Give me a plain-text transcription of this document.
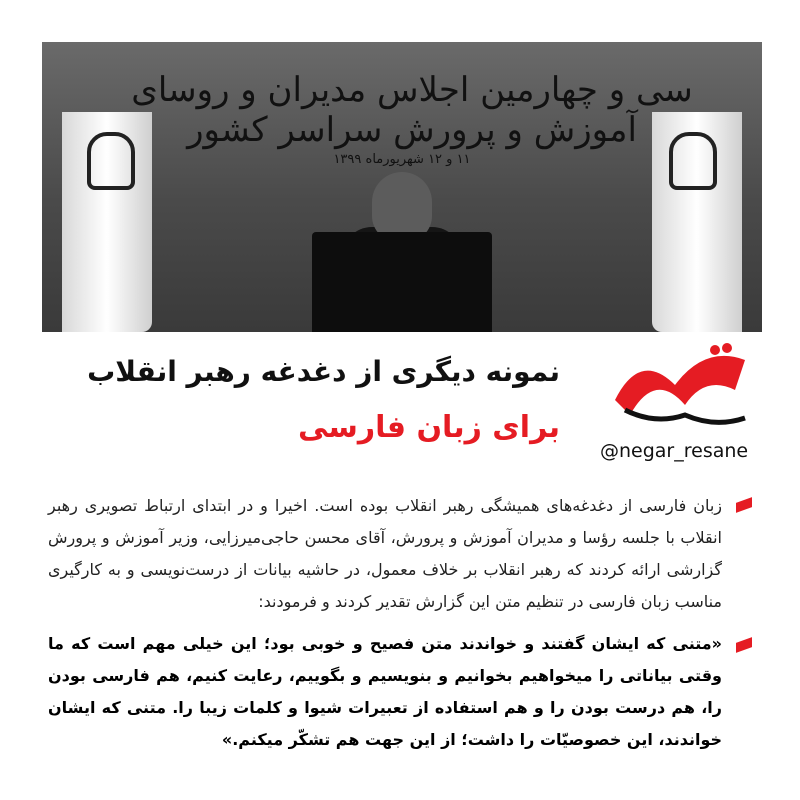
سی و چهارمین اجلاس مدیران و روسای آموزش و پرورش سراسر کشور
۱۱ و ۱۲ شهریورماه ۱۳۹۹
@negar_resane
نمونه دیگری از دغدغه رهبر انقلاب
برای زبان فارسی
زبان فارسی از دغدغه‌های همیشگی رهبر انقلاب بوده است. اخیرا و در ابتدای ارتباط تصویری رهبر انقلاب با جلسه رؤسا و مدیران آموزش و پرورش، آقای محسن حاجی‌میرزایی، وزیر آموزش و پرورش گزارشی ارائه کردند که رهبر انقلاب بر خلاف معمول، در حاشیه بیانات از درست‌نویسی و به کارگیری مناسب زبان فارسی در تنظیم متن این گزارش تقدیر کردند و فرمودند:
«متنی که ایشان گفتند و خواندند متن فصیح و خوبی بود؛ این خیلی مهم است که ما وقتی بیاناتی را میخواهیم بخوانیم و بنویسیم و بگوییم، رعایت کنیم، هم فارسی بودن را، هم درست بودن را و هم استفاده از تعبیرات شیوا و کلمات زیبا را. متنی که ایشان خواندند، این خصوصیّات را داشت؛ از این جهت هم تشکّر میکنم.»
